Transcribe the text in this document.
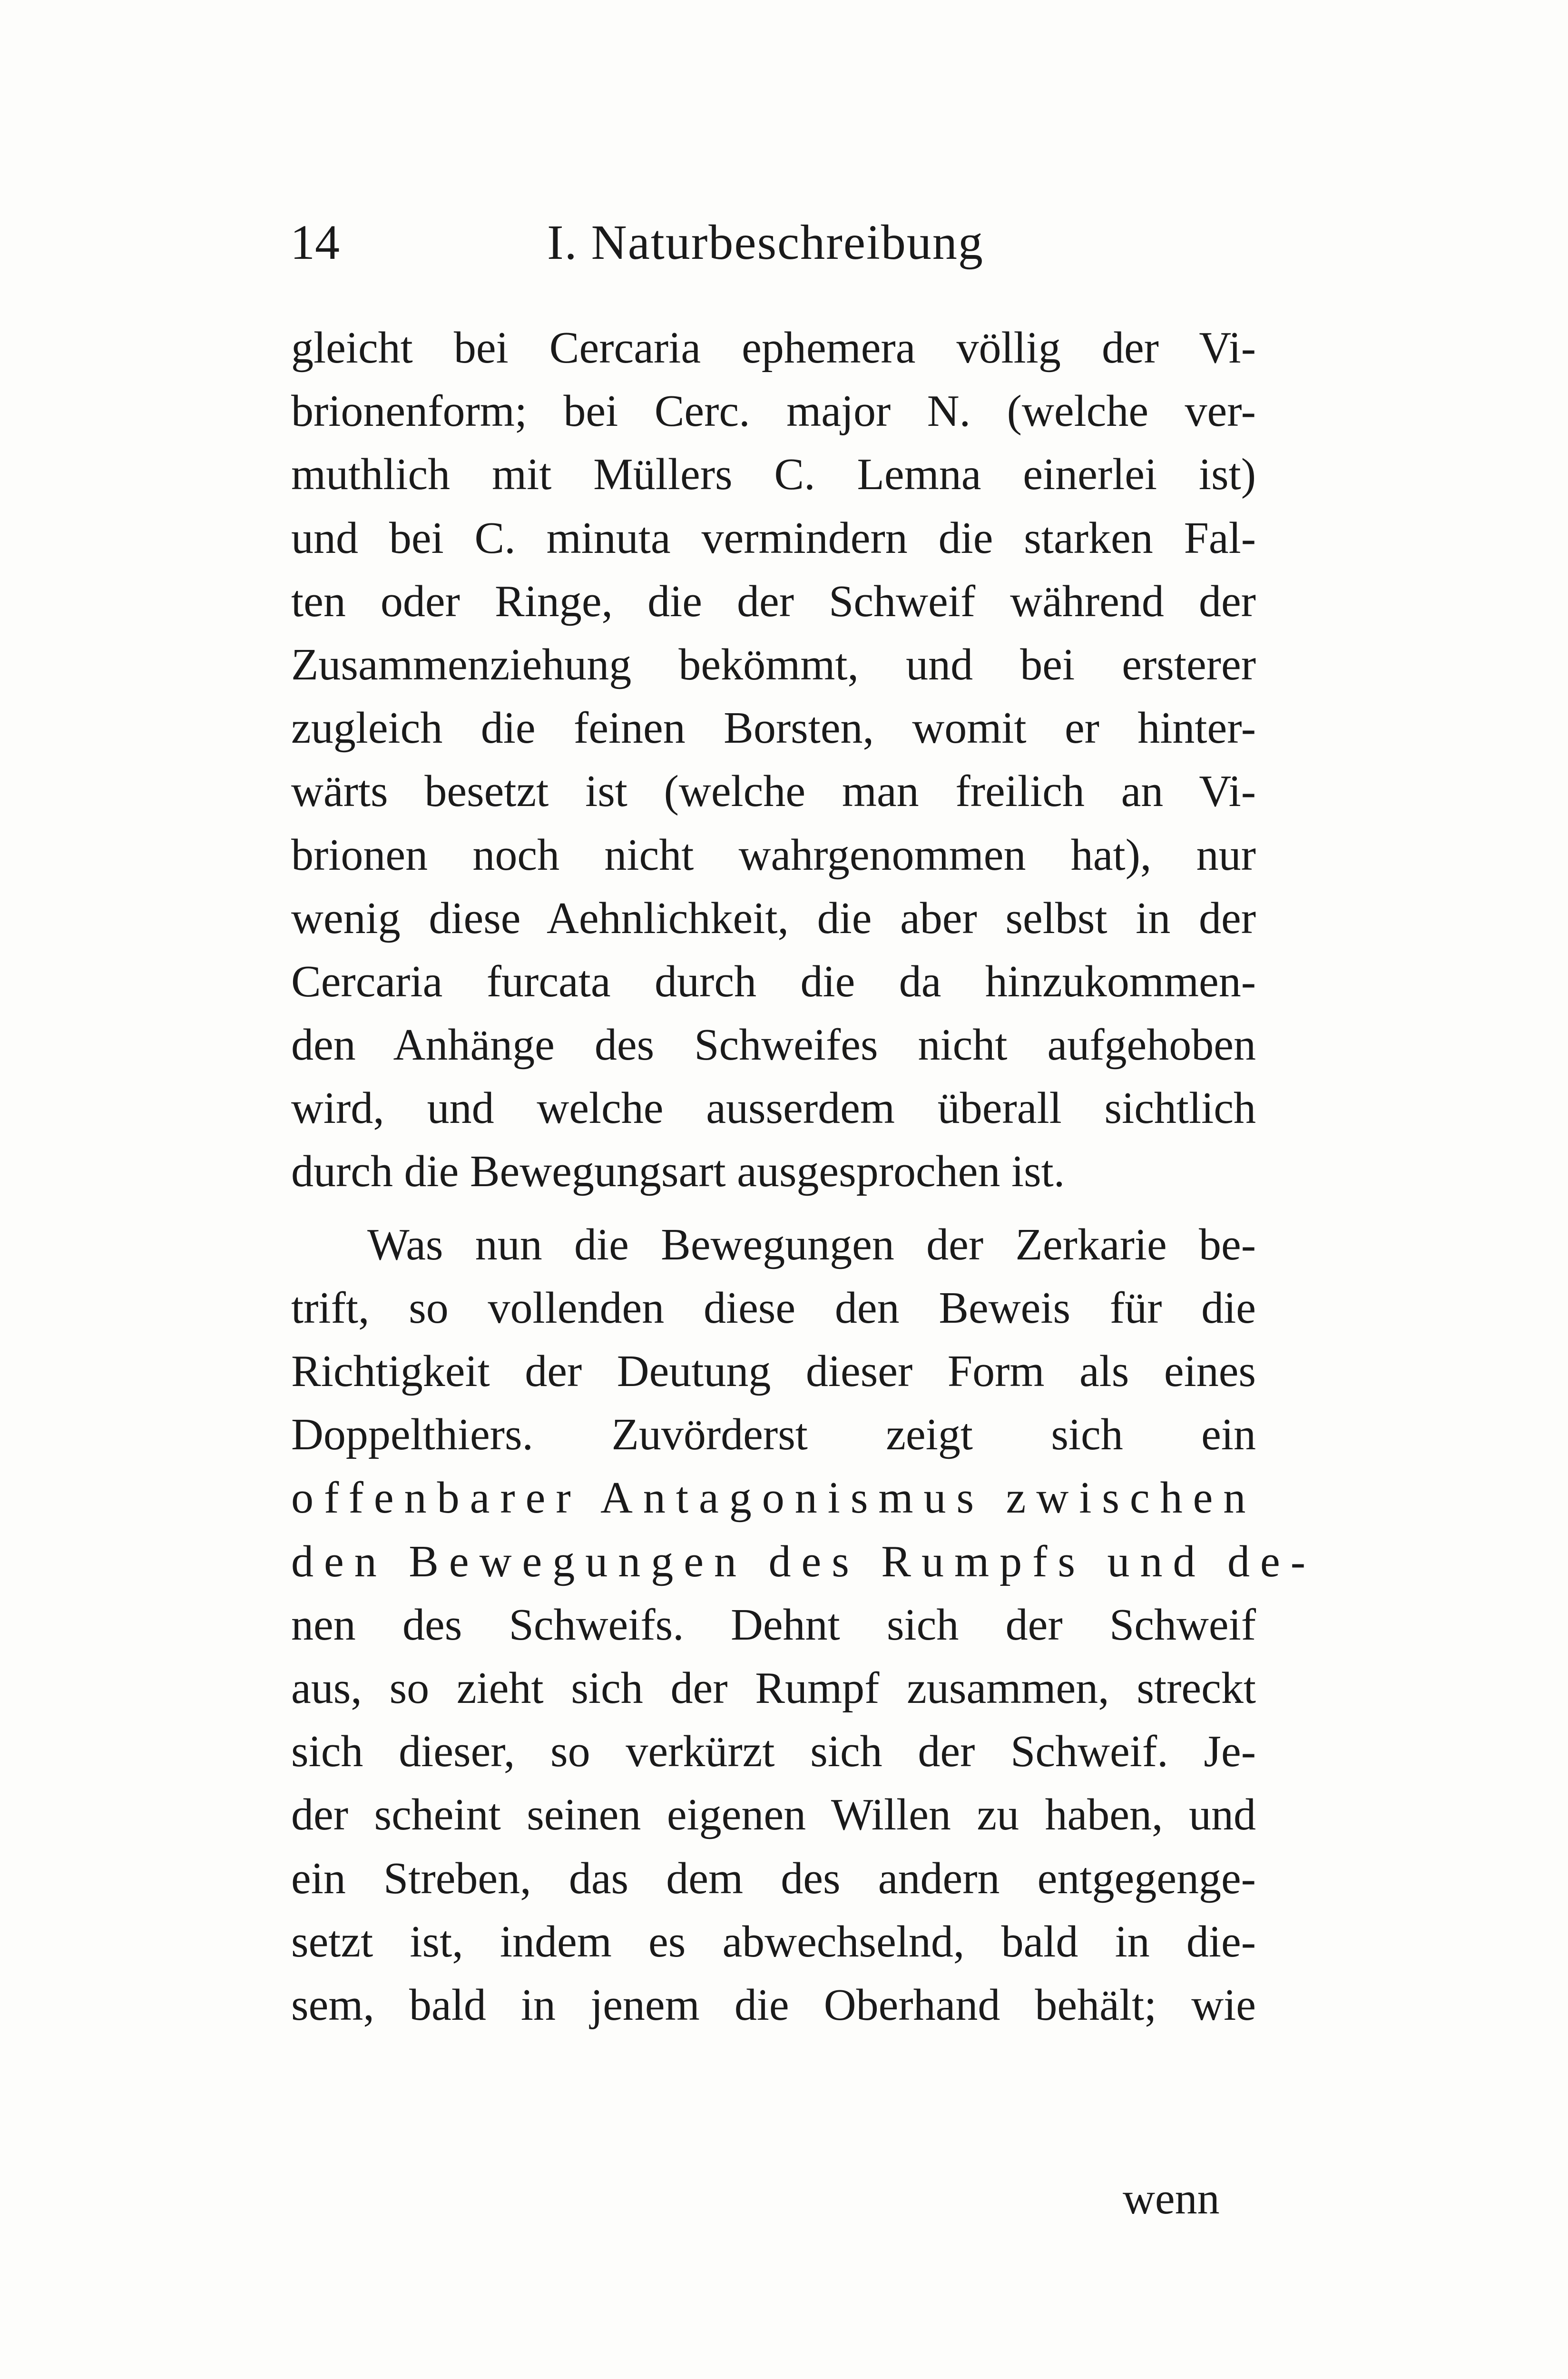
14	I. Naturbeschreibung
gleicht bei Cercaria ephemera völlig der Vi-
brionenform; bei Cerc. major N. (welche ver-
muthlich mit Müllers C. Lemna einerlei ist)
und bei C. minuta vermindern die starken Fal-
ten oder Ringe, die der Schweif während der
Zusammenziehung bekömmt, und bei ersterer
zugleich die feinen Borsten, womit er hinter-
wärts besetzt ist (welche man freilich an Vi-
brionen noch nicht wahrgenommen hat), nur
wenig diese Aehnlichkeit, die aber selbst in der
Cercaria furcata durch die da hinzukommen-
den Anhänge des Schweifes nicht aufgehoben
wird, und welche ausserdem überall sichtlich
durch die Bewegungsart ausgesprochen ist.
Was nun die Bewegungen der Zerkarie be-
trift, so vollenden diese den Beweis für die
Richtigkeit der Deutung dieser Form als eines
Doppelthiers. Zuvörderst zeigt sich ein
offenbarer Antagonismus zwischen
den Bewegungen des Rumpfs und de-
nen des Schweifs. Dehnt sich der Schweif
aus, so zieht sich der Rumpf zusammen, streckt
sich dieser, so verkürzt sich der Schweif. Je-
der scheint seinen eigenen Willen zu haben, und
ein Streben, das dem des andern entgegenge-
setzt ist, indem es abwechselnd, bald in die-
sem, bald in jenem die Oberhand behält; wie
wenn
